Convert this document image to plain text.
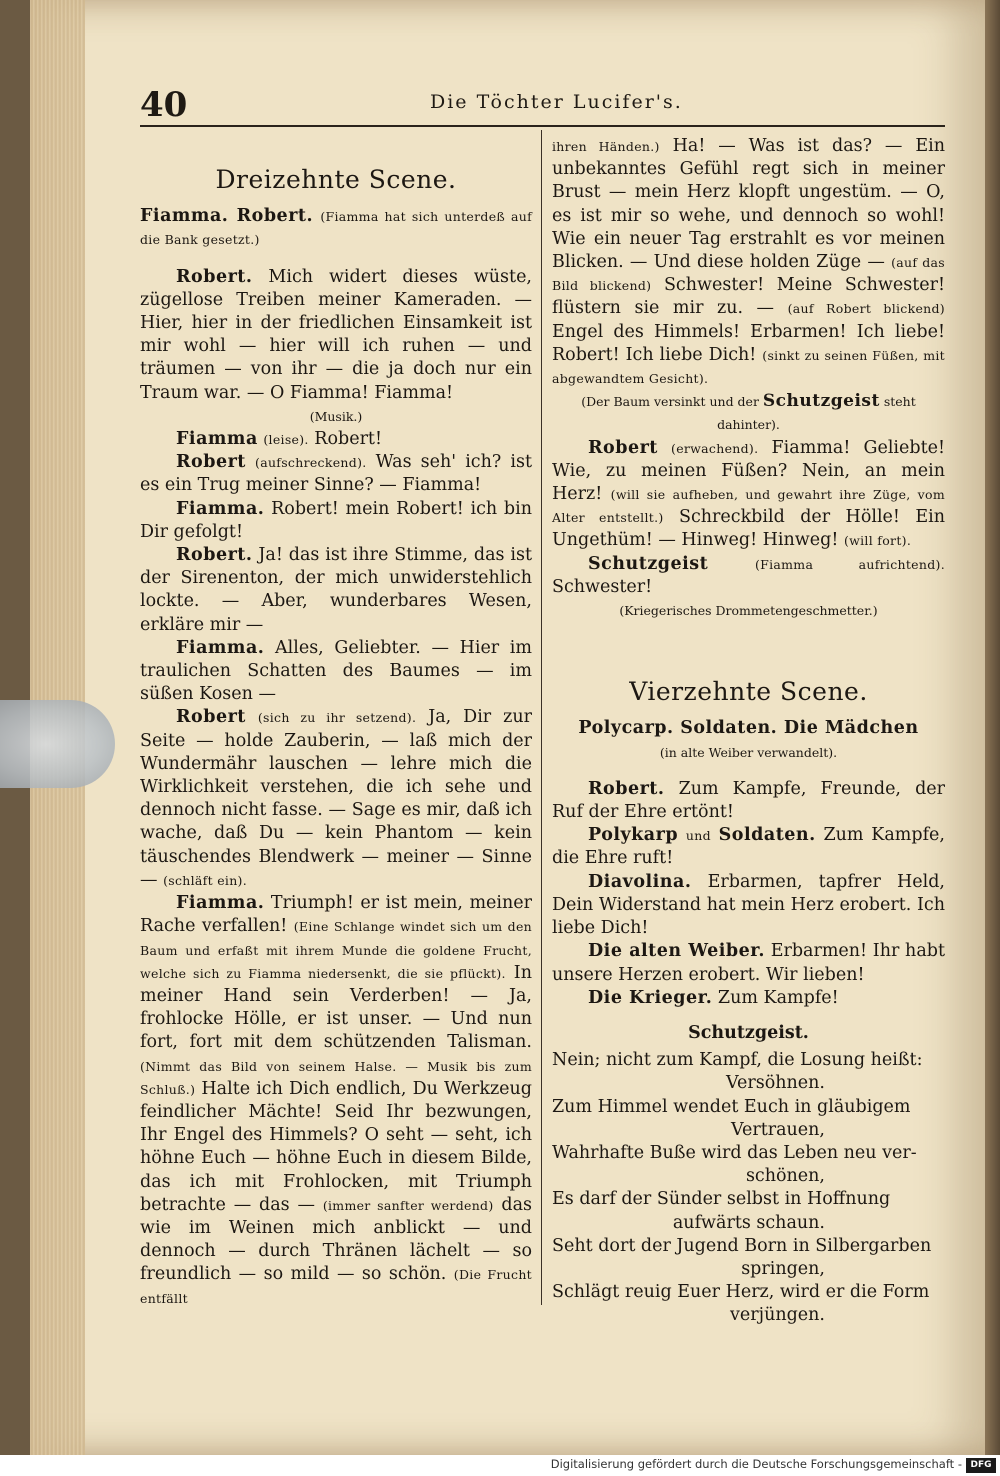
40	Die Töchter Lucifer's.
Dreizehnte Scene.

Fiamma. Robert. (Fiamma hat sich unterdeß auf die Bank gesetzt.)

Robert. Mich widert dieses wüste, zügellose Treiben meiner Kameraden. — Hier, hier in der friedlichen Einsamkeit ist mir wohl — hier will ich ruhen — und träumen — von ihr — die ja doch nur ein Traum war. — O Fiamma! Fiamma!

(Musik.)

Fiamma (leise). Robert!

Robert (aufschreckend). Was seh' ich? ist es ein Trug meiner Sinne? — Fiamma!

Fiamma. Robert! mein Robert! ich bin Dir gefolgt!

Robert. Ja! das ist ihre Stimme, das ist der Sirenenton, der mich unwiderstehlich lockte. — Aber, wunderbares Wesen, erkläre mir —

Fiamma. Alles, Geliebter. — Hier im traulichen Schatten des Baumes — im süßen Kosen —

Robert (sich zu ihr setzend). Ja, Dir zur Seite — holde Zauberin, — laß mich der Wundermähr lauschen — lehre mich die Wirklichkeit verstehen, die ich sehe und dennoch nicht fasse. — Sage es mir, daß ich wache, daß Du — kein Phantom — kein täuschendes Blendwerk — meiner — Sinne — (schläft ein).

Fiamma. Triumph! er ist mein, meiner Rache verfallen! (Eine Schlange windet sich um den Baum und erfaßt mit ihrem Munde die goldene Frucht, welche sich zu Fiamma niedersenkt, die sie pflückt). In meiner Hand sein Verderben! — Ja, frohlocke Hölle, er ist unser. — Und nun fort, fort mit dem schützenden Talisman. (Nimmt das Bild von seinem Halse. — Musik bis zum Schluß.) Halte ich Dich endlich, Du Werkzeug feindlicher Mächte! Seid Ihr bezwungen, Ihr Engel des Himmels? O seht — seht, ich höhne Euch — höhne Euch in diesem Bilde, das ich mit Frohlocken, mit Triumph betrachte — das — (immer sanfter werdend) das wie im Weinen mich anblickt — und dennoch — durch Thränen lächelt — so freundlich — so mild — so schön. (Die Frucht entfällt

ihren Händen.) Ha! — Was ist das? — Ein unbekanntes Gefühl regt sich in meiner Brust — mein Herz klopft ungestüm. — O, es ist mir so wehe, und dennoch so wohl! Wie ein neuer Tag erstrahlt es vor meinen Blicken. — Und diese holden Züge — (auf das Bild blickend) Schwester! Meine Schwester! flüstern sie mir zu. — (auf Robert blickend) Engel des Himmels! Erbarmen! Ich liebe! Robert! Ich liebe Dich! (sinkt zu seinen Füßen, mit abgewandtem Gesicht).

(Der Baum versinkt und der Schutzgeist steht dahinter).

Robert (erwachend). Fiamma! Geliebte! Wie, zu meinen Füßen? Nein, an mein Herz! (will sie aufheben, und gewahrt ihre Züge, vom Alter entstellt.) Schreckbild der Hölle! Ein Ungethüm! — Hinweg! Hinweg! (will fort).

Schutzgeist	(Fiamma aufrichtend). Schwester!

(Kriegerisches Drommetengeschmetter.)

Vierzehnte Scene.

Polycarp. Soldaten. Die Mädchen

(in alte Weiber verwandelt).

Robert. Zum Kampfe, Freunde, der Ruf der Ehre ertönt!

Polykarp und Soldaten. Zum Kampfe, die Ehre ruft!

Diavolina. Erbarmen, tapfrer Held, Dein Widerstand hat mein Herz erobert. Ich liebe Dich!

Die alten Weiber. Erbarmen! Ihr habt unsere Herzen erobert. Wir lieben!

Die Krieger. Zum Kampfe!

Schutzgeist.

Nein; nicht zum Kampf, die Losung heißt:

Versöhnen.

Zum Himmel wendet Euch in gläubigem

Vertrauen,

Wahrhafte Buße wird das Leben neu ver-

schönen,

Es darf der Sünder selbst in Hoffnung

aufwärts schaun.

Seht dort der Jugend Born in Silbergarben

springen,

Schlägt reuig Euer Herz, wird er die Form

verjüngen.

Digitalisierung gefördert durch die Deutsche Forschungsgemeinschaft - DFG
